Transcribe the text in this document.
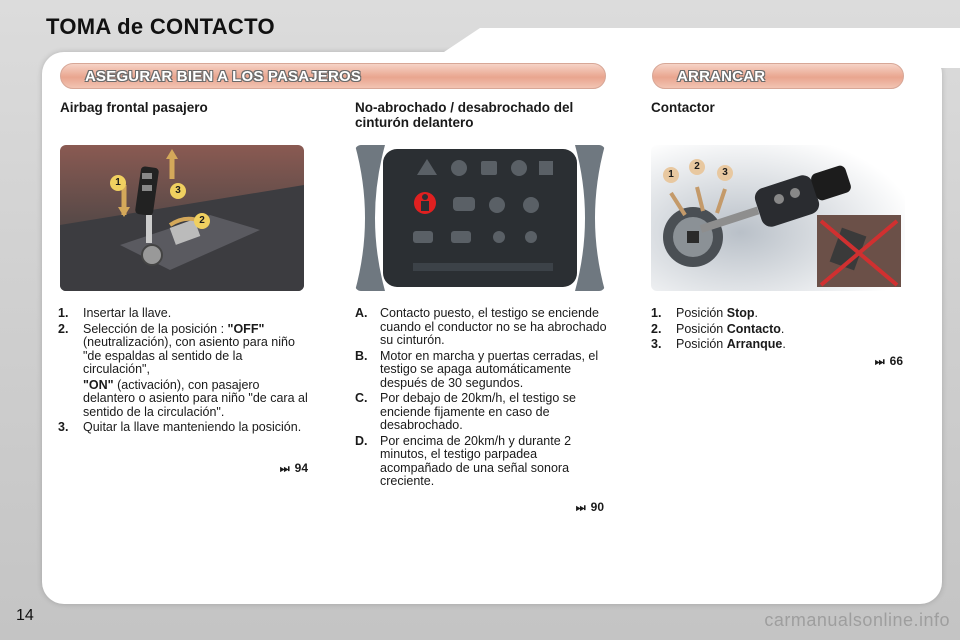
TOMA de CONTACTO
ASEGURAR BIEN A LOS PASAJEROS	ARRANCAR
Airbag frontal pasajero	No-abrochado / desabrochado del cinturón delantero
Contactor
1
2
3
1
2
3
1.	Insertar la llave.
2.	Selección de la posición : "OFF" (neutralización), con asiento para niño "de espaldas al sentido de la circulación",
"ON" (activación), con pasajero delantero o asiento para niño "de cara al sentido de la circulación".
3.	Quitar la llave manteniendo la posición.
⏭ 94
A.	Contacto puesto, el testigo se enciende cuando el conductor no se ha abrochado su cinturón.
B.	Motor en marcha y puertas cerradas, el testigo se apaga automáticamente después de 30 segundos.
C.	Por debajo de 20km/h, el testigo se enciende fijamente en caso de desabrochado.
D.	Por encima de 20km/h y durante 2 minutos, el testigo parpadea acompañado de una señal sonora creciente.
⏭ 90
1.	Posición Stop.
2.	Posición Contacto.
3.	Posición Arranque.
⏭ 66
14	carmanualsonline.info
